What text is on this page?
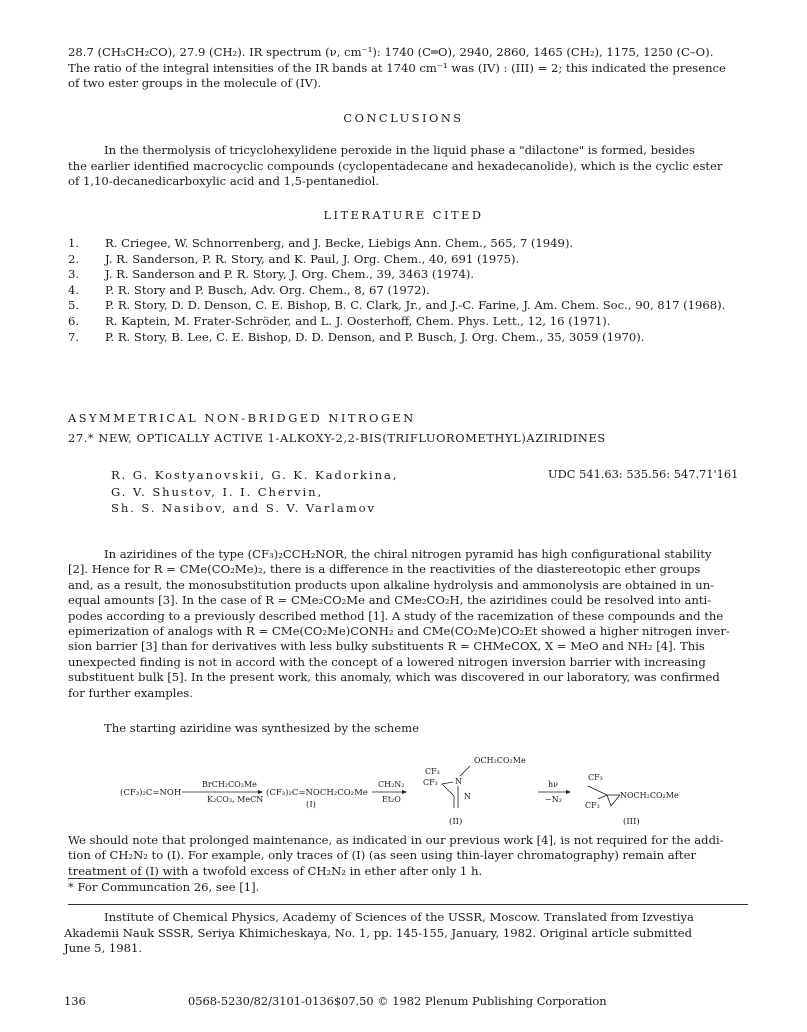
28.7 (CH₃CH₂CO), 27.9 (CH₂). IR spectrum (ν, cm⁻¹): 1740 (C═O), 2940, 2860, 1465 (CH₂), 1175, 1250 (C–O).
The ratio of the integral intensities of the IR bands at 1740 cm⁻¹ was (IV) : (III) = 2; this indicated the presence
of two ester groups in the molecule of (IV).
CONCLUSIONS
In the thermolysis of tricyclohexylidene peroxide in the liquid phase a "dilactone" is formed, besides
the earlier identified macrocyclic compounds (cyclopentadecane and hexadecanolide), which is the cyclic ester
of 1,10-decanedicarboxylic acid and 1,5-pentanediol.
LITERATURE CITED
1. R. Criegee, W. Schnorrenberg, and J. Becke, Liebigs Ann. Chem., 565, 7 (1949).
2. J. R. Sanderson, P. R. Story, and K. Paul, J. Org. Chem., 40, 691 (1975).
3. J. R. Sanderson and P. R. Story, J. Org. Chem., 39, 3463 (1974).
4. P. R. Story and P. Busch, Adv. Org. Chem., 8, 67 (1972).
5. P. R. Story, D. D. Denson, C. E. Bishop, B. C. Clark, Jr., and J.-C. Farine, J. Am. Chem. Soc., 90, 817 (1968).
6. R. Kaptein, M. Frater-Schröder, and L. J. Oosterhoff, Chem. Phys. Lett., 12, 16 (1971).
7. P. R. Story, B. Lee, C. E. Bishop, D. D. Denson, and P. Busch, J. Org. Chem., 35, 3059 (1970).
ASYMMETRICAL NON-BRIDGED NITROGEN
27.* NEW, OPTICALLY ACTIVE 1-ALKOXY-2,2-BIS(TRIFLUOROMETHYL)AZIRIDINES
R. G. Kostyanovskii, G. K. Kadorkina,
G. V. Shustov, I. I. Chervin,
Sh. S. Nasibov, and S. V. Varlamov
UDC 541.63: 535.56: 547.71'161
In aziridines of the type (CF₃)₂CCH₂NOR, the chiral nitrogen pyramid has high configurational stability
[2]. Hence for R = CMe(CO₂Me)₂, there is a difference in the reactivities of the diastereotopic ether groups
and, as a result, the monosubstitution products upon alkaline hydrolysis and ammonolysis are obtained in un-
equal amounts [3]. In the case of R = CMe₂CO₂Me and CMe₂CO₂H, the aziridines could be resolved into anti-
podes according to a previously described method [1]. A study of the racemization of these compounds and the
epimerization of analogs with R = CMe(CO₂Me)CONH₂ and CMe(CO₂Me)CO₂Et showed a higher nitrogen inver-
sion barrier [3] than for derivatives with less bulky substituents R = CHMeCOX, X = MeO and NH₂ [4]. This
unexpected finding is not in accord with the concept of a lowered nitrogen inversion barrier with increasing
substituent bulk [5]. In the present work, this anomaly, which was discovered in our laboratory, was confirmed
for further examples.
The starting aziridine was synthesized by the scheme
(CF₃)₂C=NOH
BrCH₂CO₂Me
K₂CO₃, MeCN
(CF₃)₂C=NOCH₂CO₂Me
(I)
CH₂N₂
Et₂O
CF₃
CF₃
OCH₂CO₂Me
N
N
(II)
hν
−N₂
CF₃
CF₃
NOCH₂CO₂Me
(III)
We should note that prolonged maintenance, as indicated in our previous work [4], is not required for the addi-
tion of CH₂N₂ to (I). For example, only traces of (I) (as seen using thin-layer chromatography) remain after
treatment of (I) with a twofold excess of CH₂N₂ in ether after only 1 h.
* For Communcation 26, see [1].
Institute of Chemical Physics, Academy of Sciences of the USSR, Moscow. Translated from Izvestiya
Akademii Nauk SSSR, Seriya Khimicheskaya, No. 1, pp. 145-155, January, 1982. Original article submitted
June 5, 1981.
136	0568-5230/82/3101-0136$07.50 © 1982 Plenum Publishing Corporation
